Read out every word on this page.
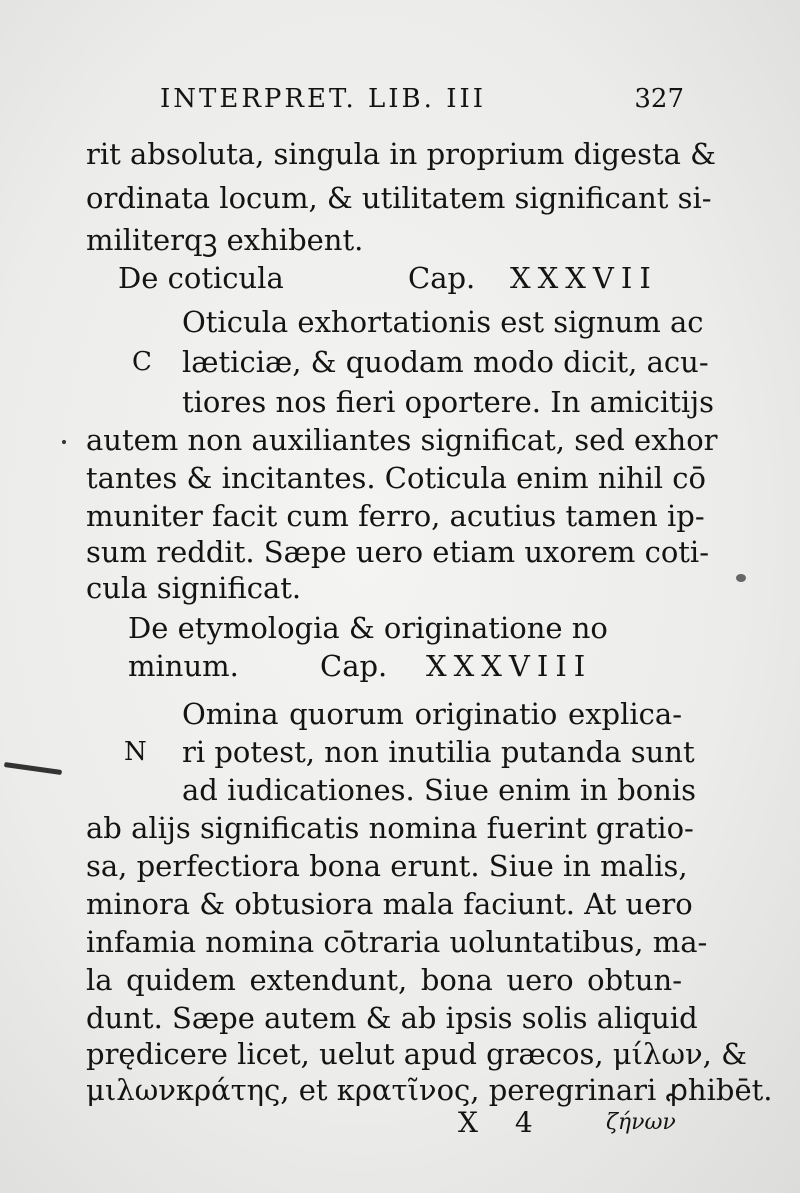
INTERPRET. LIB. III	327
rit absoluta, singula in proprium digesta &
ordinata locum, & utilitatem significant si-
militerqꝫ exhibent.
De coticula	Cap. XXXVII
C
Oticula exhortationis est signum ac
læticiæ, & quodam modo dicit, acu-
tiores nos fieri oportere. In amicitijs
autem non auxiliantes significat, sed exhor
tantes & incitantes. Coticula enim nihil cō
muniter facit cum ferro, acutius tamen ip-
sum reddit. Sæpe uero etiam uxorem coti-
cula significat.
De etymologia & originatione no
minum.	Cap. XXXVIII
N
Omina quorum originatio explica-
ri potest, non inutilia putanda sunt
ad iudicationes. Siue enim in bonis
ab alijs significatis nomina fuerint gratio-
sa, perfectiora bona erunt. Siue in malis,
minora & obtusiora mala faciunt. At uero
infamia nomina cōtraria uoluntatibus, ma-
la quidem extendunt, bona uero obtun-
dunt. Sæpe autem & ab ipsis solis aliquid
prędicere licet, uelut apud græcos, μίλων, &
μιλωνκράτης, et κρατῖνος, peregrinari ꝓhibēt.
X 4	ζήνων
